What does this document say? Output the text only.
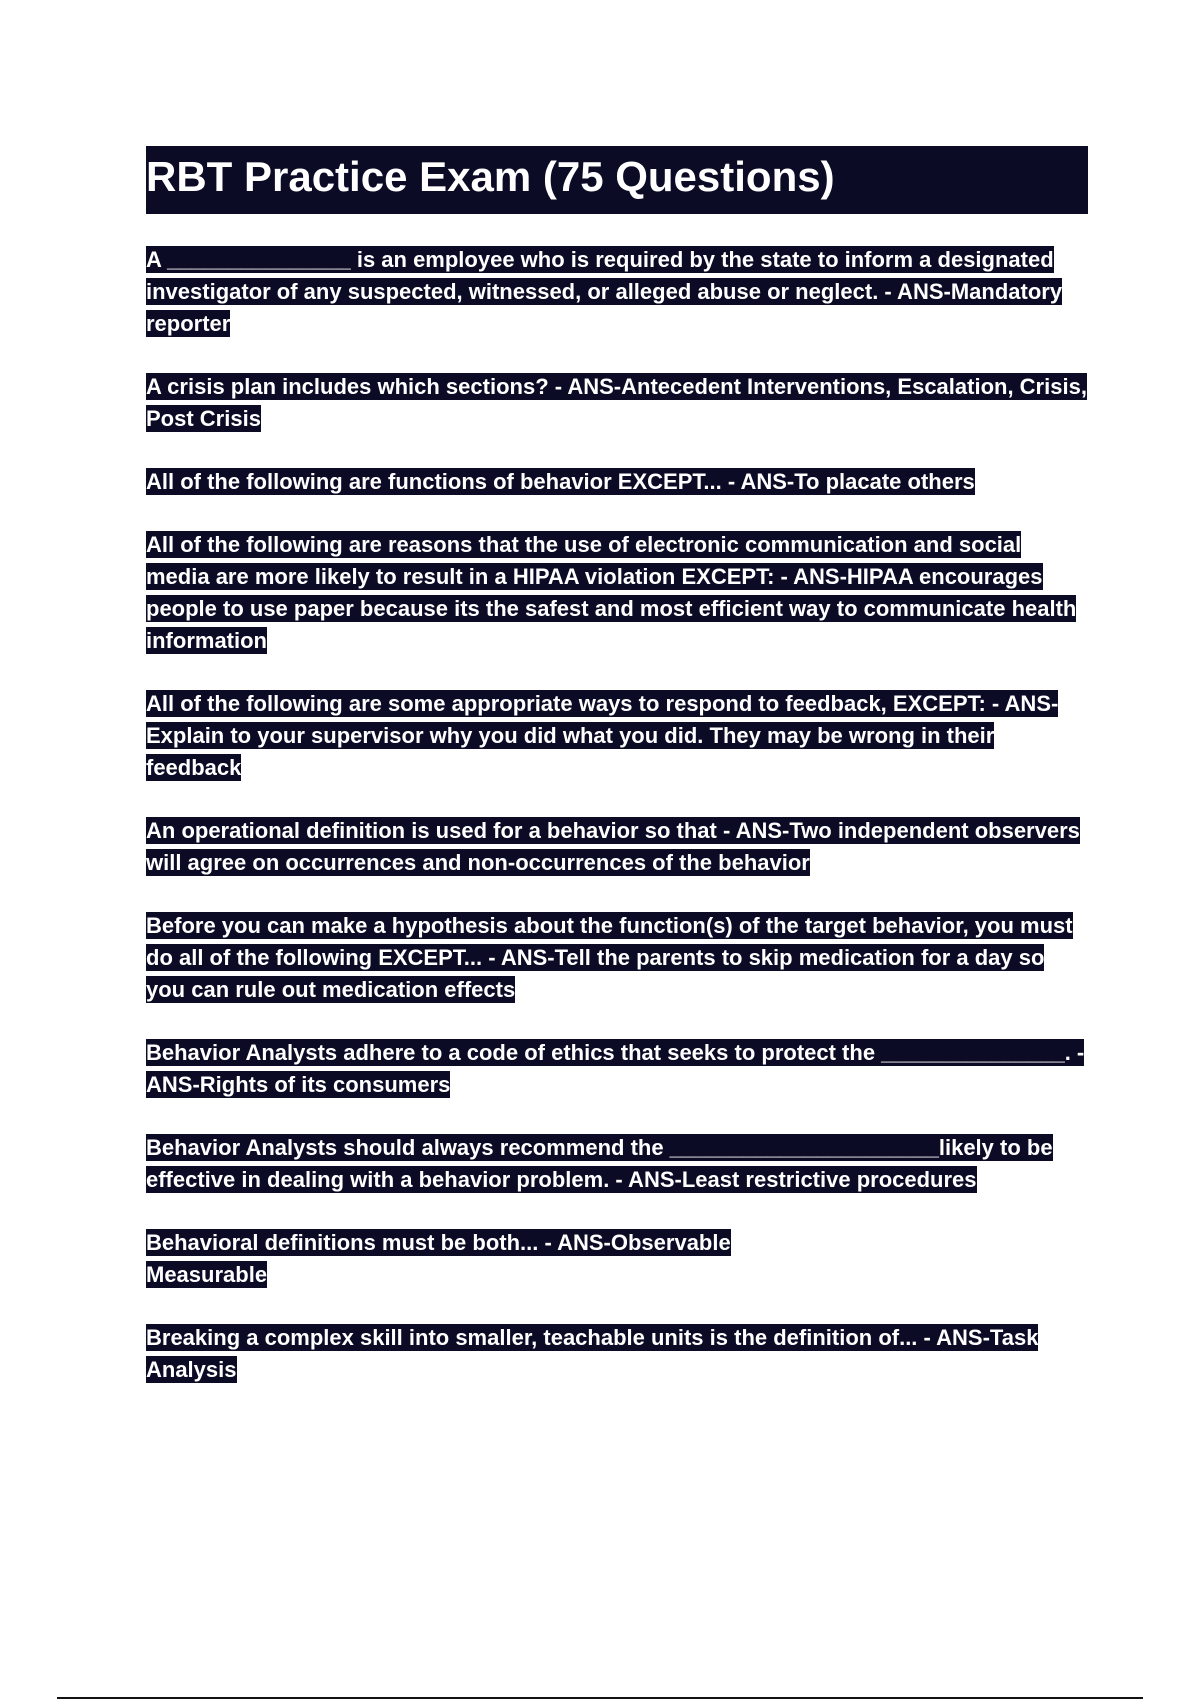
RBT Practice Exam (75 Questions)

A _______________ is an employee who is required by the state to inform a designated investigator of any suspected, witnessed, or alleged abuse or neglect. - ANS-Mandatory reporter

A crisis plan includes which sections? - ANS-Antecedent Interventions, Escalation, Crisis, Post Crisis

All of the following are functions of behavior EXCEPT... - ANS-To placate others

All of the following are reasons that the use of electronic communication and social media are more likely to result in a HIPAA violation EXCEPT: - ANS-HIPAA encourages people to use paper because its the safest and most efficient way to communicate health information

All of the following are some appropriate ways to respond to feedback, EXCEPT: - ANS-Explain to your supervisor why you did what you did. They may be wrong in their feedback

An operational definition is used for a behavior so that - ANS-Two independent observers will agree on occurrences and non-occurrences of the behavior

Before you can make a hypothesis about the function(s) of the target behavior, you must do all of the following EXCEPT... - ANS-Tell the parents to skip medication for a day so you can rule out medication effects

Behavior Analysts adhere to a code of ethics that seeks to protect the _______________. - ANS-Rights of its consumers

Behavior Analysts should always recommend the ______________________likely to be effective in dealing with a behavior problem. - ANS-Least restrictive procedures

Behavioral definitions must be both... - ANS-Observable
Measurable

Breaking a complex skill into smaller, teachable units is the definition of... - ANS-Task Analysis
